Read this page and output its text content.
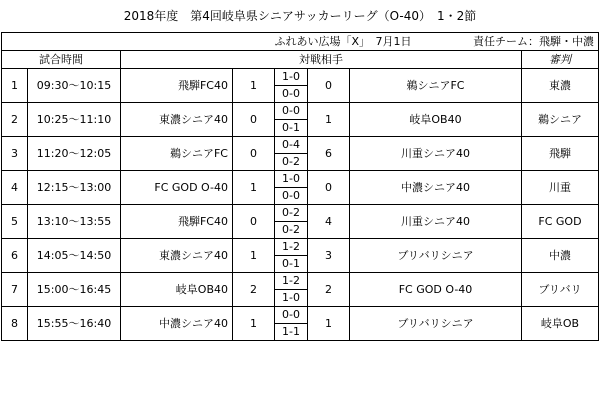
2018年度　第4回岐阜県シニアサッカーリーグ（O-40）　1・2節
				ふれあい広場「X」　 7月1日			責任チーム：飛騨・中濃	
試合時間		対戦相手						審判
1	09:30〜10:15	飛騨FC40	1	1-0	0	鵜シニアFC		東濃
				0-0				
2	10:25〜11:10	東濃シニア40	0	0-0	1	岐阜OB40		鵜シニア
				0-1				
3	11:20〜12:05	鵜シニアFC	0	0-4	6	川重シニア40		飛騨
				0-2				
4	12:15〜13:00	FC GOD O-40	1	1-0	0	中濃シニア40		川重
				0-0				
5	13:10〜13:55	飛騨FC40	0	0-2	4	川重シニア40		FC GOD
				0-2				
6	14:05〜14:50	東濃シニア40	1	1-2	3	ブリバリシニア		中濃
				0-1				
7	15:00〜16:45	岐阜OB40	2	1-2	2	FC GOD O-40		ブリバリ
				1-0				
8	15:55〜16:40	中濃シニア40	1	0-0	1	ブリバリシニア		岐阜OB
				1-1				
